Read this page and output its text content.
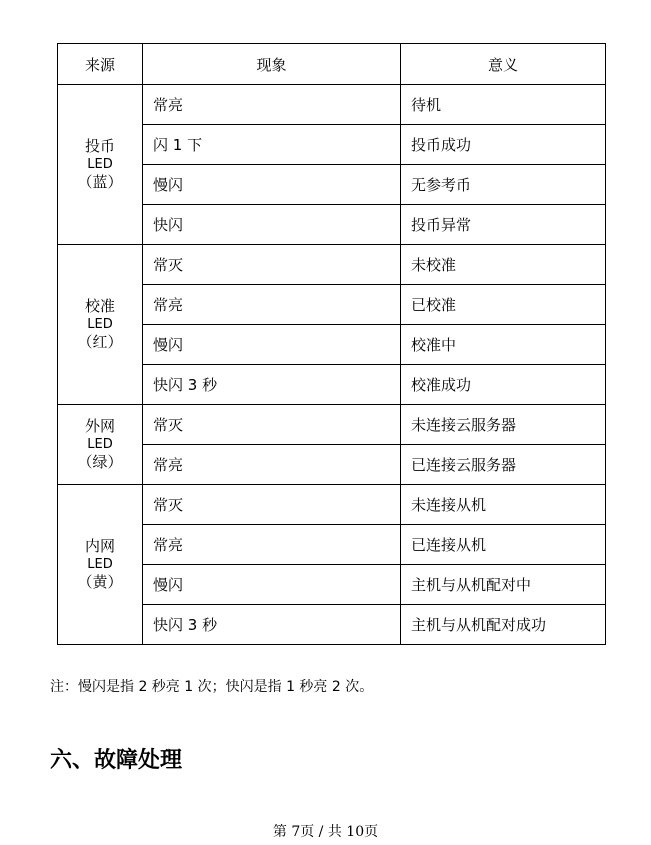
来源	现象	意义

投币
LED
（蓝）	常亮	待机
	闪 1 下	投币成功
	慢闪	无参考币
	快闪	投币异常

校准
LED
（红）	常灭	未校准
	常亮	已校准
	慢闪	校准中
	快闪 3 秒	校准成功

外网
LED
（绿）	常灭	未连接云服务器
	常亮	已连接云服务器

内网
LED
（黄）	常灭	未连接从机
	常亮	已连接从机
	慢闪	主机与从机配对中
	快闪 3 秒	主机与从机配对成功

注：慢闪是指 2 秒亮 1 次；快闪是指 1 秒亮 2 次。

六、故障处理
第 7页 / 共 10页
